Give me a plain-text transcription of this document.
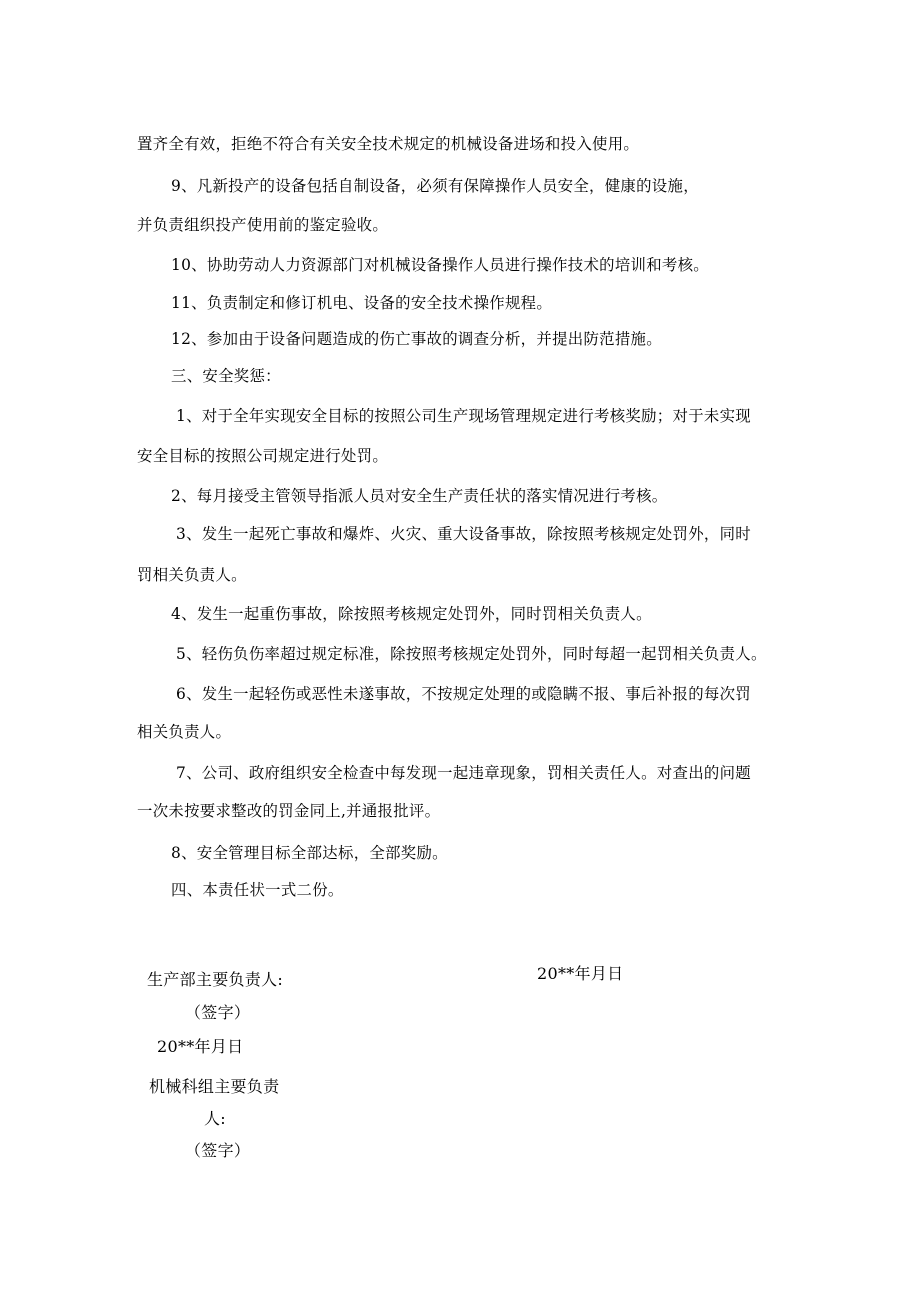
置齐全有效，拒绝不符合有关安全技术规定的机械设备进场和投入使用。
9、凡新投产的设备包括自制设备，必须有保障操作人员安全，健康的设施，
并负责组织投产使用前的鉴定验收。
10、协助劳动人力资源部门对机械设备操作人员进行操作技术的培训和考核。
11、负责制定和修订机电、设备的安全技术操作规程。
12、参加由于设备问题造成的伤亡事故的调查分析，并提出防范措施。
三、安全奖惩：
1、对于全年实现安全目标的按照公司生产现场管理规定进行考核奖励；对于未实现
安全目标的按照公司规定进行处罚。
2、每月接受主管领导指派人员对安全生产责任状的落实情况进行考核。
3、发生一起死亡事故和爆炸、火灾、重大设备事故，除按照考核规定处罚外，同时
罚相关负责人。
4、发生一起重伤事故，除按照考核规定处罚外，同时罚相关负责人。
5、轻伤负伤率超过规定标准，除按照考核规定处罚外，同时每超一起罚相关负责人。
6、发生一起轻伤或恶性未遂事故，不按规定处理的或隐瞒不报、事后补报的每次罚
相关负责人。
7、公司、政府组织安全检查中每发现一起违章现象，罚相关责任人。对查出的问题
一次未按要求整改的罚金同上,并通报批评。
8、安全管理目标全部达标，全部奖励。
四、本责任状一式二份。
生产部主要负责人:
（签字）
20**年月日
机械科组主要负责
人:
（签字）
20**年月日
